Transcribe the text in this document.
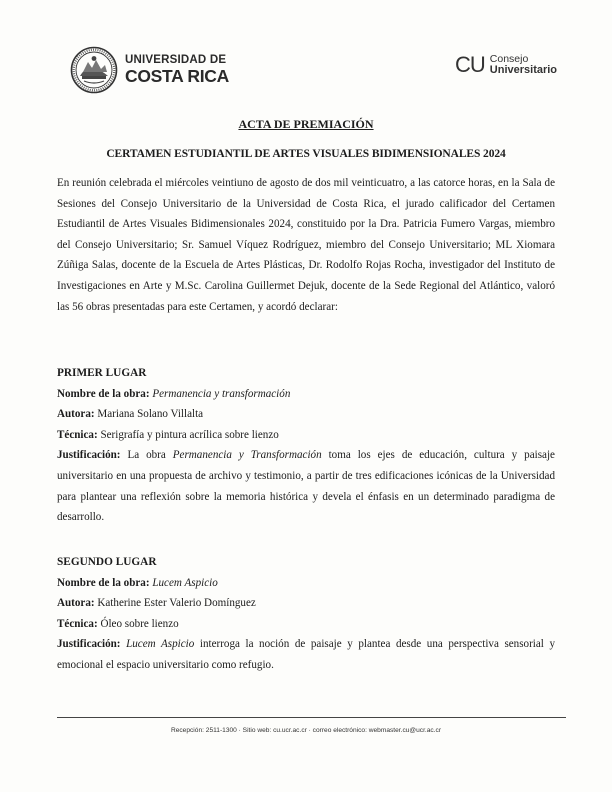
UNIVERSIDAD DE
COSTA RICA	CU Consejo
Universitario
ACTA DE PREMIACIÓN
CERTAMEN ESTUDIANTIL DE ARTES VISUALES BIDIMENSIONALES 2024
En reunión celebrada el miércoles veintiuno de agosto de dos mil veinticuatro, a las catorce horas, en la Sala de Sesiones del Consejo Universitario de la Universidad de Costa Rica, el jurado calificador del Certamen Estudiantil de Artes Visuales Bidimensionales 2024, constituido por la Dra. Patricia Fumero Vargas, miembro del Consejo Universitario; Sr. Samuel Víquez Rodríguez, miembro del Consejo Universitario; ML Xiomara Zúñiga Salas, docente de la Escuela de Artes Plásticas, Dr. Rodolfo Rojas Rocha, investigador del Instituto de Investigaciones en Arte y M.Sc. Carolina Guillermet Dejuk, docente de la Sede Regional del Atlántico, valoró las 56 obras presentadas para este Certamen, y acordó declarar:
PRIMER LUGAR
Nombre de la obra: Permanencia y transformación
Autora: Mariana Solano Villalta
Técnica: Serigrafía y pintura acrílica sobre lienzo
Justificación: La obra Permanencia y Transformación toma los ejes de educación, cultura y paisaje universitario en una propuesta de archivo y testimonio, a partir de tres edificaciones icónicas de la Universidad para plantear una reflexión sobre la memoria histórica y devela el énfasis en un determinado paradigma de desarrollo.
SEGUNDO LUGAR
Nombre de la obra: Lucem Aspicio
Autora: Katherine Ester Valerio Domínguez
Técnica: Óleo sobre lienzo
Justificación: Lucem Aspicio interroga la noción de paisaje y plantea desde una perspectiva sensorial y emocional el espacio universitario como refugio.
Recepción: 2511-1300 · Sitio web: cu.ucr.ac.cr · correo electrónico: webmaster.cu@ucr.ac.cr
